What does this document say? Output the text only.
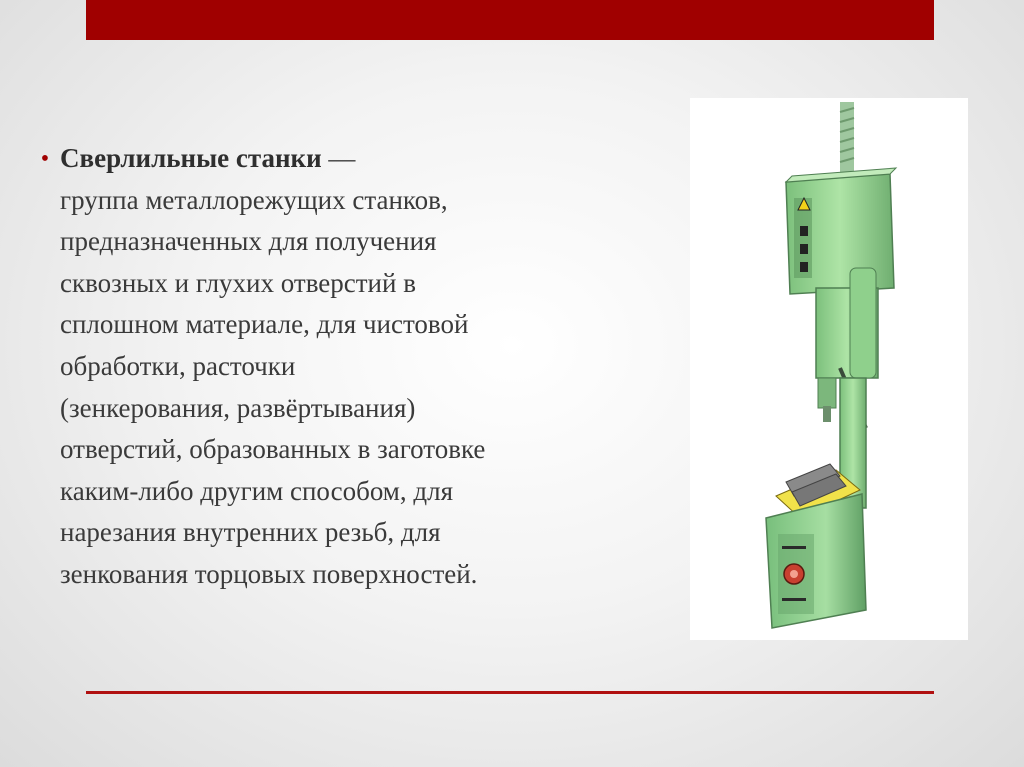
• Сверлильные станки —
группа металлорежущих станков,
предназначенных для получения
сквозных и глухих отверстий в
сплошном материале, для чистовой
обработки, расточки
(зенкерования, развёртывания)
отверстий, образованных в заготовке
каким-либо другим способом, для
нарезания внутренних резьб, для
зенкования торцовых поверхностей.
